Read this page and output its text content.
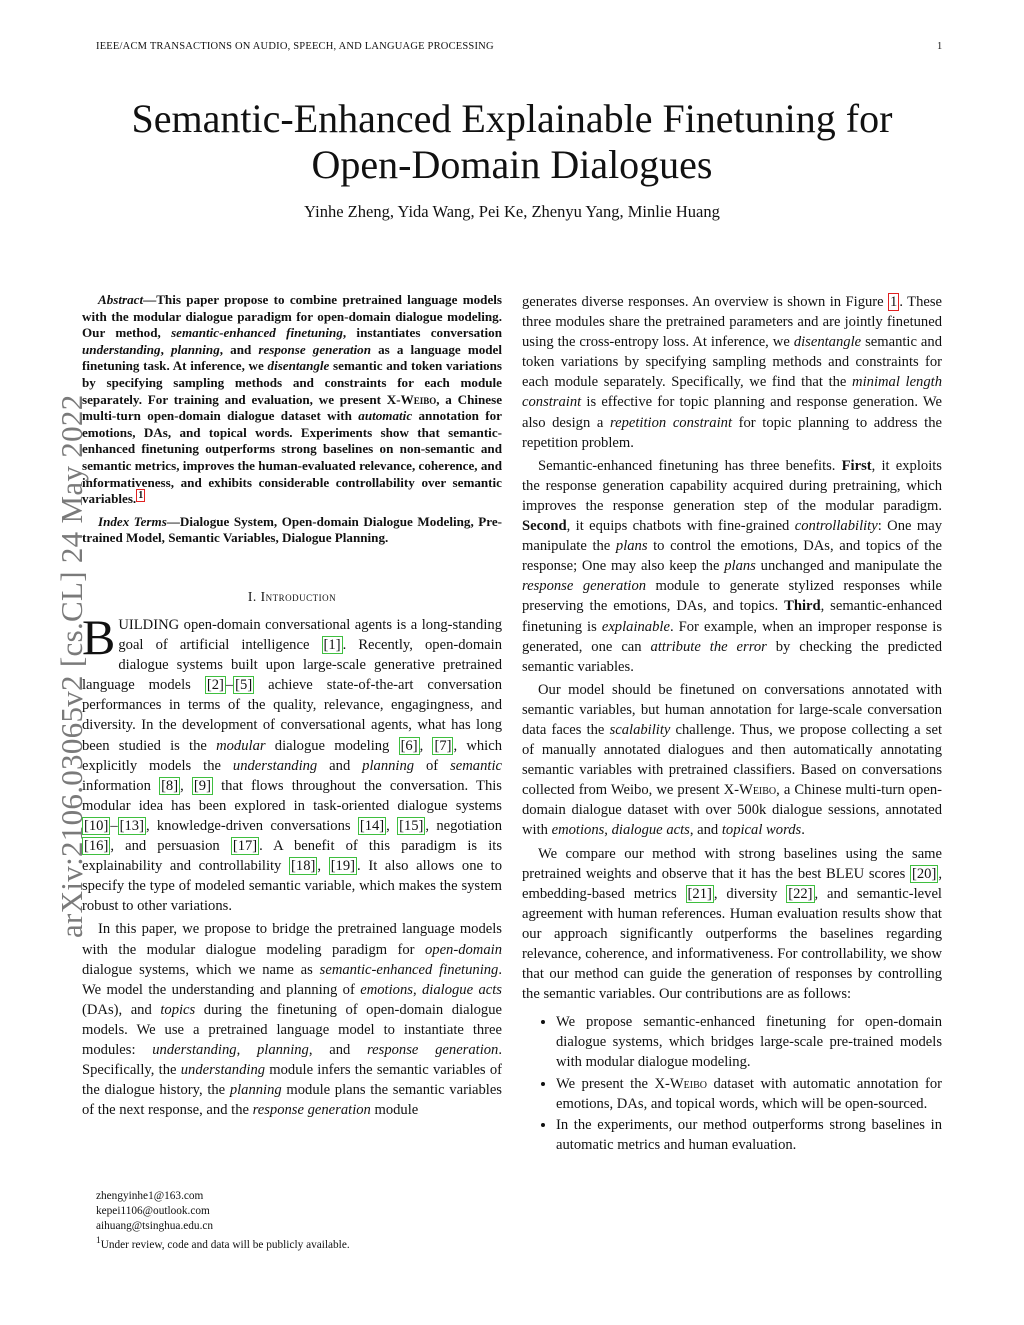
IEEE/ACM TRANSACTIONS ON AUDIO, SPEECH, AND LANGUAGE PROCESSING	1
Semantic-Enhanced Explainable Finetuning for
Open-Domain Dialogues
Yinhe Zheng, Yida Wang, Pei Ke, Zhenyu Yang, Minlie Huang
arXiv:2106.03065v2 [cs.CL] 24 May 2022

Abstract—This paper propose to combine pretrained language models with the modular dialogue paradigm for open-domain dialogue modeling. Our method, semantic-enhanced finetuning, instantiates conversation understanding, planning, and response generation as a language model finetuning task. At inference, we disentangle semantic and token variations by specifying sampling methods and constraints for each module separately. For training and evaluation, we present X-Weibo, a Chinese multi-turn open-domain dialogue dataset with automatic annotation for emotions, DAs, and topical words. Experiments show that semantic-enhanced finetuning outperforms strong baselines on non-semantic and semantic metrics, improves the human-evaluated relevance, coherence, and informativeness, and exhibits considerable controllability over semantic variables. $^1$

Index Terms—Dialogue System, Open-domain Dialogue Modeling, Pre-trained Model, Semantic Variables, Dialogue Planning.

I. Introduction

BUILDING open-domain conversational agents is a long-standing goal of artificial intelligence [1] . Recently, open-domain dialogue systems built upon large-scale generative pretrained language models [2] – [5] achieve state-of-the-art conversation performances in terms of the quality, relevance, engagingness, and diversity. In the development of conversational agents, what has long been studied is the modular dialogue modeling [6] , [7] , which explicitly models the understanding and planning of semantic information [8] , [9] that flows throughout the conversation. This modular idea has been explored in task-oriented dialogue systems [10] – [13] , knowledge-driven conversations [14] , [15] , negotiation [16] , and persuasion [17] . A benefit of this paradigm is its explainability and controllability [18] , [19] . It also allows one to specify the type of modeled semantic variable, which makes the system robust to other variations.

In this paper, we propose to bridge the pretrained language models with the modular dialogue modeling paradigm for open-domain dialogue systems, which we name as semantic-enhanced finetuning. We model the understanding and planning of emotions, dialogue acts (DAs), and topics during the finetuning of open-domain dialogue models. We use a pretrained language model to instantiate three modules: understanding, planning, and response generation. Specifically, the understanding module infers the semantic variables of the dialogue history, the planning module plans the semantic variables of the next response, and the response generation module

zhengyinhe1@163.com
kepei1106@outlook.com
aihuang@tsinghua.edu.cn
$^1$Under review, code and data will be publicly available.

generates diverse responses. An overview is shown in Figure 1 . These three modules share the pretrained parameters and are jointly finetuned using the cross-entropy loss. At inference, we disentangle semantic and token variations by specifying sampling methods and constraints for each module separately. Specifically, we find that the minimal length constraint is effective for topic planning and response generation. We also design a repetition constraint for topic planning to address the repetition problem.

Semantic-enhanced finetuning has three benefits. First, it exploits the response generation capability acquired during pretraining, which improves the response generation step of the modular paradigm. Second, it equips chatbots with fine-grained controllability: One may manipulate the plans to control the emotions, DAs, and topics of the response; One may also keep the plans unchanged and manipulate the response generation module to generate stylized responses while preserving the emotions, DAs, and topics. Third, semantic-enhanced finetuning is explainable. For example, when an improper response is generated, one can attribute the error by checking the predicted semantic variables.

Our model should be finetuned on conversations annotated with semantic variables, but human annotation for large-scale conversation data faces the scalability challenge. Thus, we propose collecting a set of manually annotated dialogues and then automatically annotating semantic variables with pretrained classifiers. Based on conversations collected from Weibo, we present X-Weibo, a Chinese multi-turn open-domain dialogue dataset with over 500k dialogue sessions, annotated with emotions, dialogue acts, and topical words.

We compare our method with strong baselines using the same pretrained weights and observe that it has the best BLEU scores [20] , embedding-based metrics [21] , diversity [22] , and semantic-level agreement with human references. Human evaluation results show that our approach significantly outperforms the baselines regarding relevance, coherence, and informativeness. For controllability, we show that our method can guide the generation of responses by controlling the semantic variables. Our contributions are as follows:

• We propose semantic-enhanced finetuning for open-domain dialogue systems, which bridges large-scale pre-trained models with modular dialogue modeling.
• We present the X-Weibo dataset with automatic annotation for emotions, DAs, and topical words, which will be open-sourced.
• In the experiments, our method outperforms strong baselines in automatic metrics and human evaluation.
